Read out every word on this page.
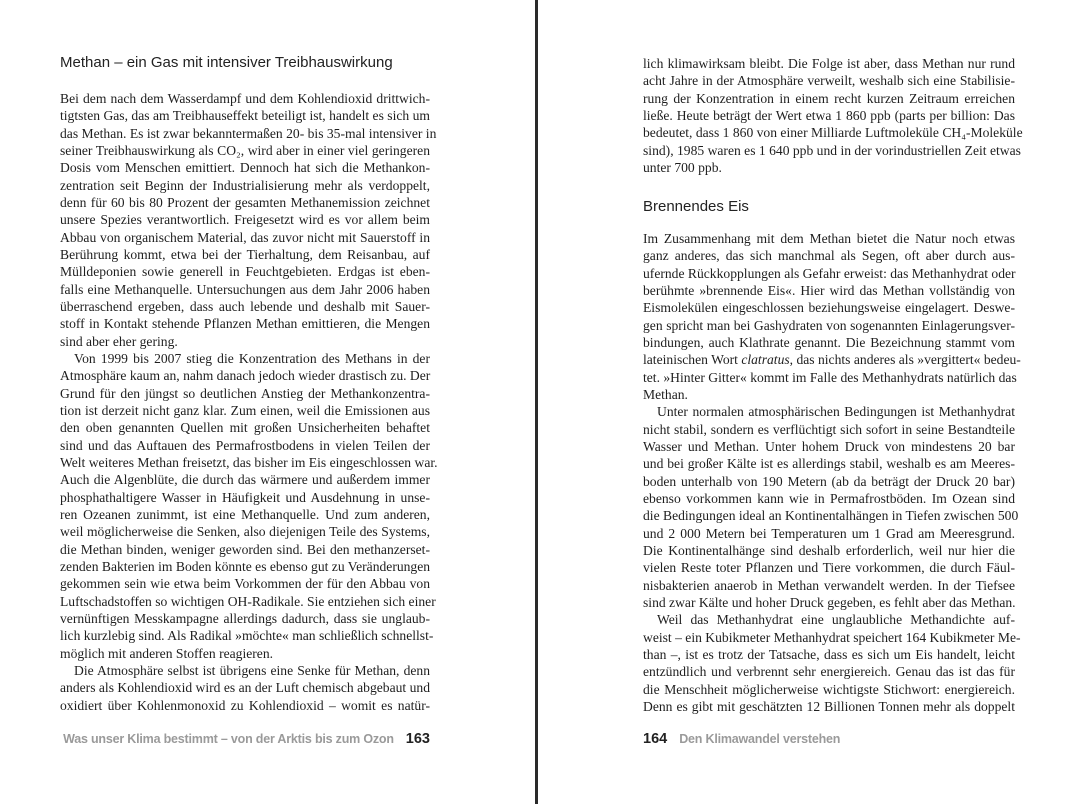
Methan – ein Gas mit intensiver Treibhauswirkung
Bei dem nach dem Wasserdampf und dem Kohlendioxid drittwich-
tigtsten Gas, das am Treibhauseffekt beteiligt ist, handelt es sich um
das Methan. Es ist zwar bekanntermaßen 20- bis 35-mal intensiver in
seiner Treibhauswirkung als CO₂, wird aber in einer viel geringeren
Dosis vom Menschen emittiert. Dennoch hat sich die Methankon-
zentration seit Beginn der Industrialisierung mehr als verdoppelt,
denn für 60 bis 80 Prozent der gesamten Methanemission zeichnet
unsere Spezies verantwortlich. Freigesetzt wird es vor allem beim
Abbau von organischem Material, das zuvor nicht mit Sauerstoff in
Berührung kommt, etwa bei der Tierhaltung, dem Reisanbau, auf
Mülldeponien sowie generell in Feuchtgebieten. Erdgas ist eben-
falls eine Methanquelle. Untersuchungen aus dem Jahr 2006 haben
überraschend ergeben, dass auch lebende und deshalb mit Sauer-
stoff in Kontakt stehende Pflanzen Methan emittieren, die Mengen
sind aber eher gering.
Von 1999 bis 2007 stieg die Konzentration des Methans in der
Atmosphäre kaum an, nahm danach jedoch wieder drastisch zu. Der
Grund für den jüngst so deutlichen Anstieg der Methankonzentra-
tion ist derzeit nicht ganz klar. Zum einen, weil die Emissionen aus
den oben genannten Quellen mit großen Unsicherheiten behaftet
sind und das Auftauen des Permafrostbodens in vielen Teilen der
Welt weiteres Methan freisetzt, das bisher im Eis eingeschlossen war.
Auch die Algenblüte, die durch das wärmere und außerdem immer
phosphathaltigere Wasser in Häufigkeit und Ausdehnung in unse-
ren Ozeanen zunimmt, ist eine Methanquelle. Und zum anderen,
weil möglicherweise die Senken, also diejenigen Teile des Systems,
die Methan binden, weniger geworden sind. Bei den methanzerset-
zenden Bakterien im Boden könnte es ebenso gut zu Veränderungen
gekommen sein wie etwa beim Vorkommen der für den Abbau von
Luftschadstoffen so wichtigen OH-Radikale. Sie entziehen sich einer
vernünftigen Messkampagne allerdings dadurch, dass sie unglaub-
lich kurzlebig sind. Als Radikal »möchte« man schließlich schnellst-
möglich mit anderen Stoffen reagieren.
Die Atmosphäre selbst ist übrigens eine Senke für Methan, denn
anders als Kohlendioxid wird es an der Luft chemisch abgebaut und
oxidiert über Kohlenmonoxid zu Kohlendioxid – womit es natür-
Was unser Klima bestimmt – von der Arktis bis zum Ozon 163
lich klimawirksam bleibt. Die Folge ist aber, dass Methan nur rund
acht Jahre in der Atmosphäre verweilt, weshalb sich eine Stabilisie-
rung der Konzentration in einem recht kurzen Zeitraum erreichen
ließe. Heute beträgt der Wert etwa 1 860 ppb (parts per billion: Das
bedeutet, dass 1 860 von einer Milliarde Luftmoleküle CH₄-Moleküle
sind), 1985 waren es 1 640 ppb und in der vorindustriellen Zeit etwas
unter 700 ppb.
Brennendes Eis
Im Zusammenhang mit dem Methan bietet die Natur noch etwas
ganz anderes, das sich manchmal als Segen, oft aber durch aus-
ufernde Rückkopplungen als Gefahr erweist: das Methanhydrat oder
berühmte »brennende Eis«. Hier wird das Methan vollständig von
Eismolekülen eingeschlossen beziehungsweise eingelagert. Deswe-
gen spricht man bei Gashydraten von sogenannten Einlagerungsver-
bindungen, auch Klathrate genannt. Die Bezeichnung stammt vom
lateinischen Wort clatratus, das nichts anderes als »vergittert« bedeu-
tet. »Hinter Gitter« kommt im Falle des Methanhydrats natürlich das
Methan.
Unter normalen atmosphärischen Bedingungen ist Methanhydrat
nicht stabil, sondern es verflüchtigt sich sofort in seine Bestandteile
Wasser und Methan. Unter hohem Druck von mindestens 20 bar
und bei großer Kälte ist es allerdings stabil, weshalb es am Meeres-
boden unterhalb von 190 Metern (ab da beträgt der Druck 20 bar)
ebenso vorkommen kann wie in Permafrostböden. Im Ozean sind
die Bedingungen ideal an Kontinentalhängen in Tiefen zwischen 500
und 2 000 Metern bei Temperaturen um 1 Grad am Meeresgrund.
Die Kontinentalhänge sind deshalb erforderlich, weil nur hier die
vielen Reste toter Pflanzen und Tiere vorkommen, die durch Fäul-
nisbakterien anaerob in Methan verwandelt werden. In der Tiefsee
sind zwar Kälte und hoher Druck gegeben, es fehlt aber das Methan.
Weil das Methanhydrat eine unglaubliche Methandichte auf-
weist – ein Kubikmeter Methanhydrat speichert 164 Kubikmeter Me-
than –, ist es trotz der Tatsache, dass es sich um Eis handelt, leicht
entzündlich und verbrennt sehr energiereich. Genau das ist das für
die Menschheit möglicherweise wichtigste Stichwort: energiereich.
Denn es gibt mit geschätzten 12 Billionen Tonnen mehr als doppelt
164 Den Klimawandel verstehen
